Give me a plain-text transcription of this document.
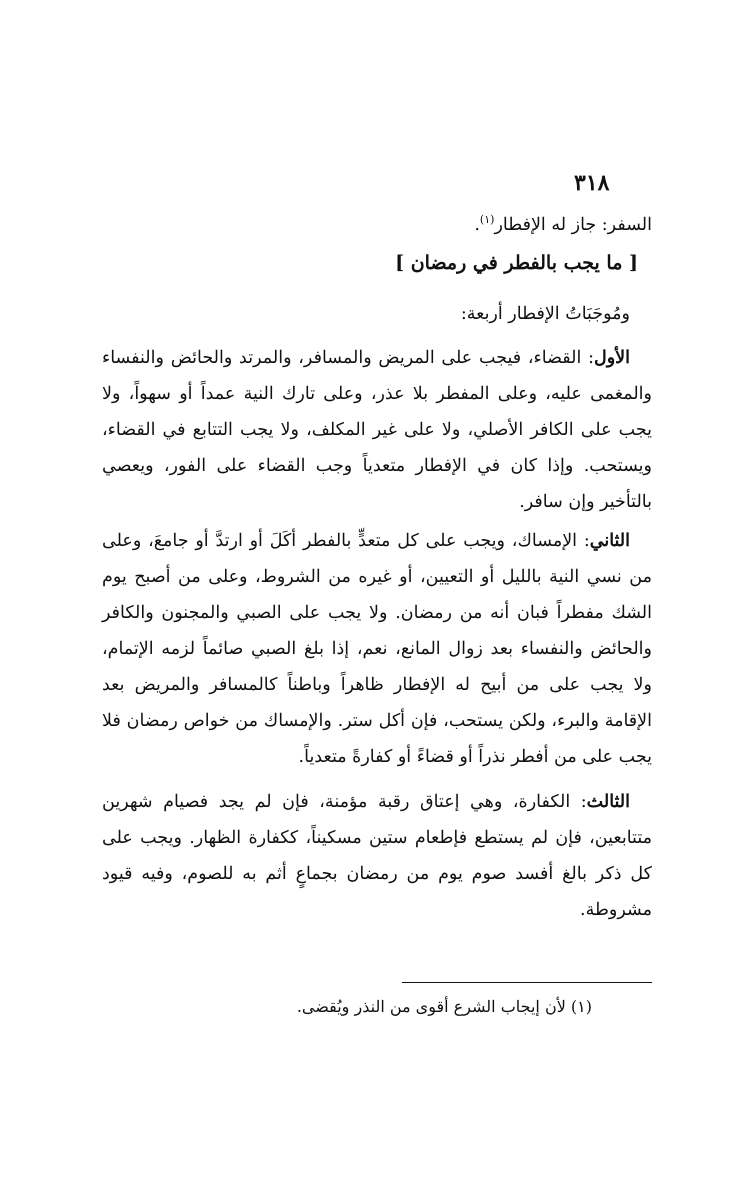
٣١٨
السفر: جاز له الإفطار$^{(١)}$.
[ ما يجب بالفطر في رمضان ]
ومُوجَبَاتُ الإفطار أربعة:
الأول: القضاء، فيجب على المريض والمسافر، والمرتد والحائض والنفساء والمغمى عليه، وعلى المفطر بلا عذر، وعلى تارك النية عمداً أو سهواً، ولا يجب على الكافر الأصلي، ولا على غير المكلف، ولا يجب التتابع في القضاء، ويستحب. وإذا كان في الإفطار متعدياً وجب القضاء على الفور، ويعصي بالتأخير وإن سافر.
الثاني: الإمساك، ويجب على كل متعدٍّ بالفطر أكَلَ أو ارتدَّ أو جامعَ، وعلى من نسي النية بالليل أو التعيين، أو غيره من الشروط، وعلى من أصبح يوم الشك مفطراً فبان أنه من رمضان. ولا يجب على الصبي والمجنون والكافر والحائض والنفساء بعد زوال المانع، نعم، إذا بلغ الصبي صائماً لزمه الإتمام، ولا يجب على من أبيح له الإفطار ظاهراً وباطناً كالمسافر والمريض بعد الإقامة والبرء، ولكن يستحب، فإن أكل ستر. والإمساك من خواص رمضان فلا يجب على من أفطر نذراً أو قضاءً أو كفارةً متعدياً.
الثالث: الكفارة، وهي إعتاق رقبة مؤمنة، فإن لم يجد فصيام شهرين متتابعين، فإن لم يستطع فإطعام ستين مسكيناً، ككفارة الظهار. ويجب على كل ذكر بالغ أفسد صوم يوم من رمضان بجماعٍ أثم به للصوم، وفيه قيود مشروطة.
(١) لأن إيجاب الشرع أقوى من النذر ويُقضى.
